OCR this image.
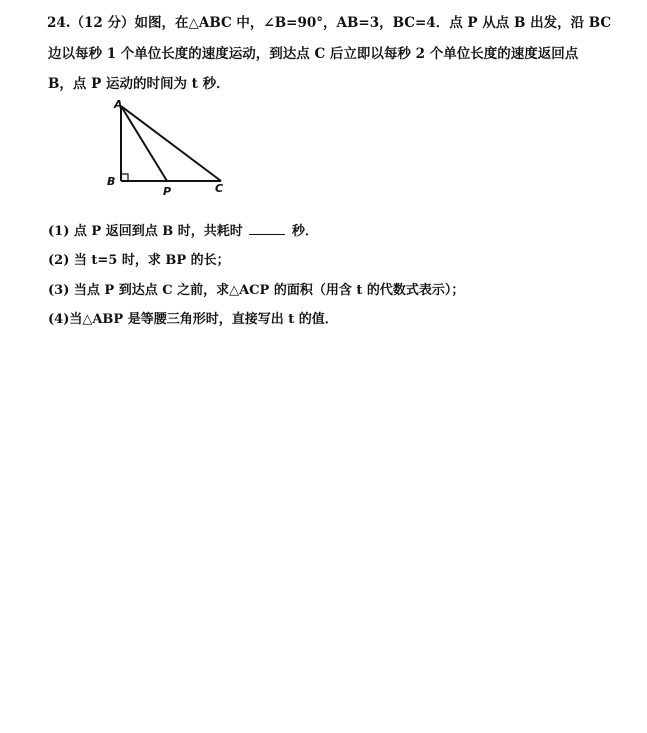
24.（12 分）如图，在△ABC 中，∠B=90°，AB=3，BC=4．点 P 从点 B 出发，沿 BC
边以每秒 1 个单位长度的速度运动，到达点 C 后立即以每秒 2 个单位长度的速度返回点
B，点 P 运动的时间为 t 秒．
A
B
P	C
(1) 点 P 返回到点 B 时，共耗时	秒．
(2) 当 t=5 时，求 BP 的长；
(3) 当点 P 到达点 C 之前，求△ACP 的面积（用含 t 的代数式表示）；
(4)当△ABP 是等腰三角形时，直接写出 t 的值．
